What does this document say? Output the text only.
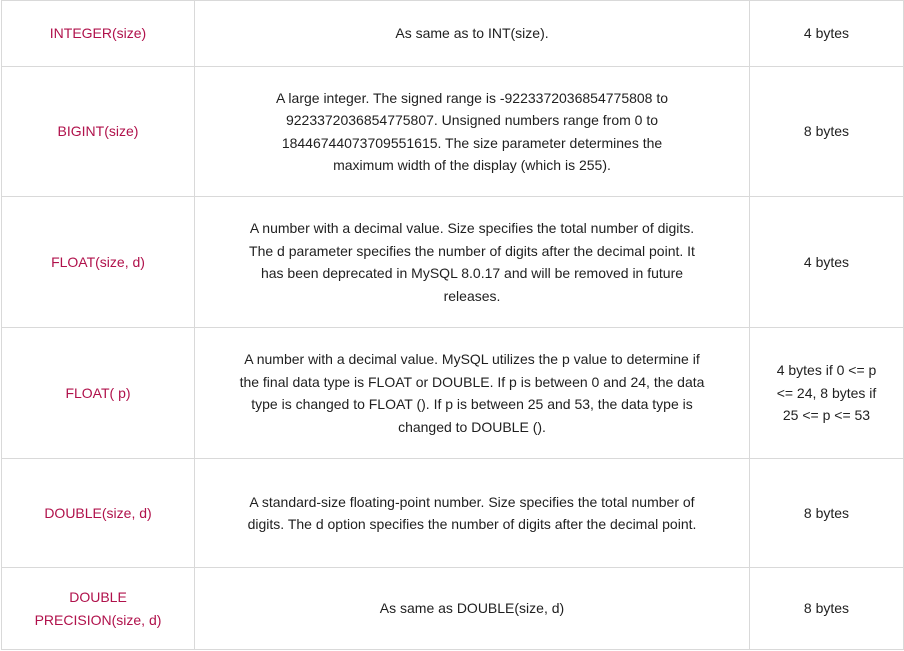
INTEGER(size)	As same as to INT(size).	4 bytes
BIGINT(size)	A large integer. The signed range is -9223372036854775808 to 9223372036854775807. Unsigned numbers range from 0 to 18446744073709551615. The size parameter determines the maximum width of the display (which is 255).	8 bytes
FLOAT(size, d)	A number with a decimal value. Size specifies the total number of digits. The d parameter specifies the number of digits after the decimal point. It has been deprecated in MySQL 8.0.17 and will be removed in future releases.	4 bytes
FLOAT( p)	A number with a decimal value. MySQL utilizes the p value to determine if the final data type is FLOAT or DOUBLE. If p is between 0 and 24, the data type is changed to FLOAT (). If p is between 25 and 53, the data type is changed to DOUBLE ().	4 bytes if 0 <= p <= 24, 8 bytes if 25 <= p <= 53
DOUBLE(size, d)	A standard-size floating-point number. Size specifies the total number of digits. The d option specifies the number of digits after the decimal point.	8 bytes
DOUBLE PRECISION(size, d)	As same as DOUBLE(size, d)	8 bytes
